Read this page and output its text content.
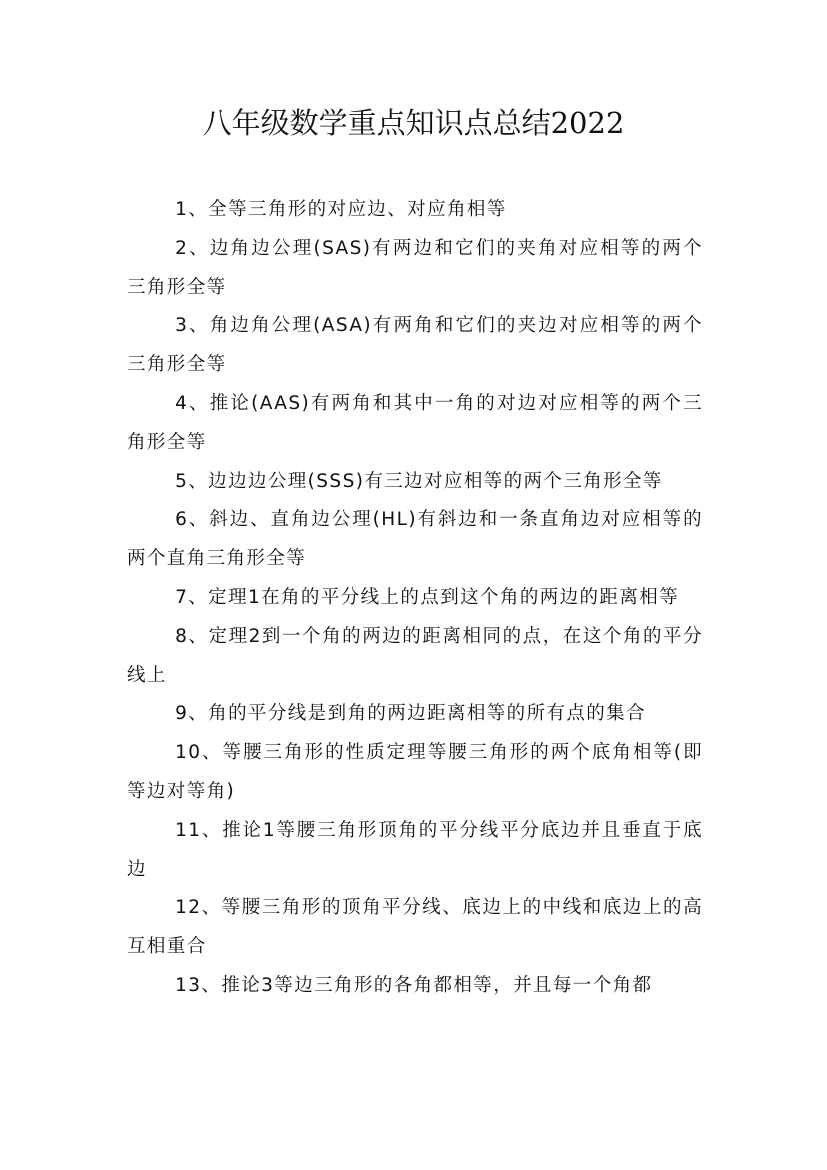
八年级数学重点知识点总结2022

1、全等三角形的对应边、对应角相等

2、边角边公理(SAS)有两边和它们的夹角对应相等的两个三角形全等

3、角边角公理(ASA)有两角和它们的夹边对应相等的两个三角形全等

4、推论(AAS)有两角和其中一角的对边对应相等的两个三角形全等

5、边边边公理(SSS)有三边对应相等的两个三角形全等

6、斜边、直角边公理(HL)有斜边和一条直角边对应相等的两个直角三角形全等

7、定理1在角的平分线上的点到这个角的两边的距离相等

8、定理2到一个角的两边的距离相同的点，在这个角的平分线上

9、角的平分线是到角的两边距离相等的所有点的集合

10、等腰三角形的性质定理等腰三角形的两个底角相等(即等边对等角)

11、推论1等腰三角形顶角的平分线平分底边并且垂直于底边

12、等腰三角形的顶角平分线、底边上的中线和底边上的高互相重合

13、推论3等边三角形的各角都相等，并且每一个角都
